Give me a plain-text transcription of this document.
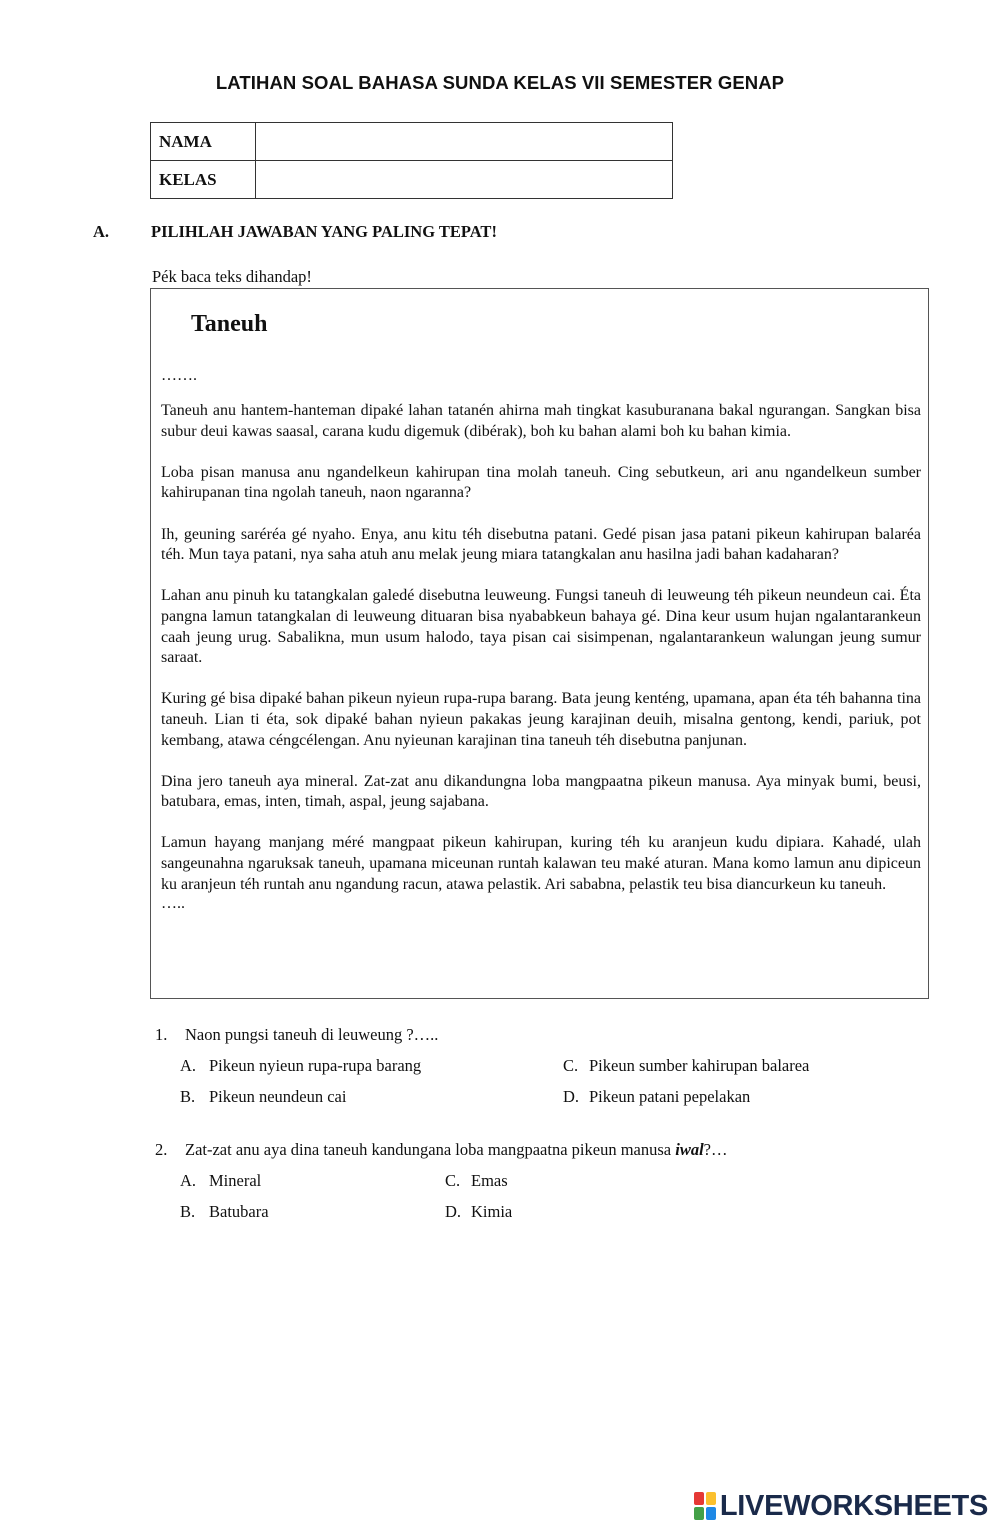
LATIHAN SOAL BAHASA SUNDA KELAS VII SEMESTER GENAP
NAMA	
KELAS	
A.	PILIHLAH JAWABAN YANG PALING TEPAT!
Pék baca teks dihandap!
Taneuh
…….

Taneuh anu hantem-hanteman dipaké lahan tatanén ahirna mah tingkat kasuburanana bakal ngurangan. Sangkan bisa subur deui kawas saasal, carana kudu digemuk (dibérak), boh ku bahan alami boh ku bahan kimia.

Loba pisan manusa anu ngandelkeun kahirupan tina molah taneuh. Cing sebutkeun, ari anu ngandelkeun sumber kahirupanan tina ngolah taneuh, naon ngaranna?

Ih, geuning saréréa gé nyaho. Enya, anu kitu téh disebutna patani. Gedé pisan jasa patani pikeun kahirupan balaréa téh. Mun taya patani, nya saha atuh anu melak jeung miara tatangkalan anu hasilna jadi bahan kadaharan?

Lahan anu pinuh ku tatangkalan galedé disebutna leuweung. Fungsi taneuh di leuweung téh pikeun neundeun cai. Éta pangna lamun tatangkalan di leuweung dituaran bisa nyababkeun bahaya gé. Dina keur usum hujan ngalantarankeun caah jeung urug. Sabalikna, mun usum halodo, taya pisan cai sisimpenan, ngalantarankeun walungan jeung sumur saraat.

Kuring gé bisa dipaké bahan pikeun nyieun rupa-rupa barang. Bata jeung kenténg, upamana, apan éta téh bahanna tina taneuh. Lian ti éta, sok dipaké bahan nyieun pakakas jeung karajinan deuih, misalna gentong, kendi, pariuk, pot kembang, atawa céngcélengan. Anu nyieunan karajinan tina taneuh téh disebutna panjunan.

Dina jero taneuh aya mineral. Zat-zat anu dikandungna loba mangpaatna pikeun manusa. Aya minyak bumi, beusi, batubara, emas, inten, timah, aspal, jeung sajabana.

Lamun hayang manjang méré mangpaat pikeun kahirupan, kuring téh ku aranjeun kudu dipiara. Kahadé, ulah sangeunahna ngaruksak taneuh, upamana miceunan runtah kalawan teu maké aturan. Mana komo lamun anu dipiceun ku aranjeun téh runtah anu ngandung racun, atawa pelastik. Ari sababna, pelastik teu bisa diancurkeun ku taneuh.

…..
1. Naon pungsi taneuh di leuweung ?…..
A. Pikeun nyieun rupa-rupa barang
B. Pikeun neundeun cai
C. Pikeun sumber kahirupan balarea
D. Pikeun patani pepelakan
2. Zat-zat anu aya dina taneuh kandungana loba mangpaatna pikeun manusa iwal?…
A. Mineral
B. Batubara
C. Emas
D. Kimia
LIVEWORKSHEETS
